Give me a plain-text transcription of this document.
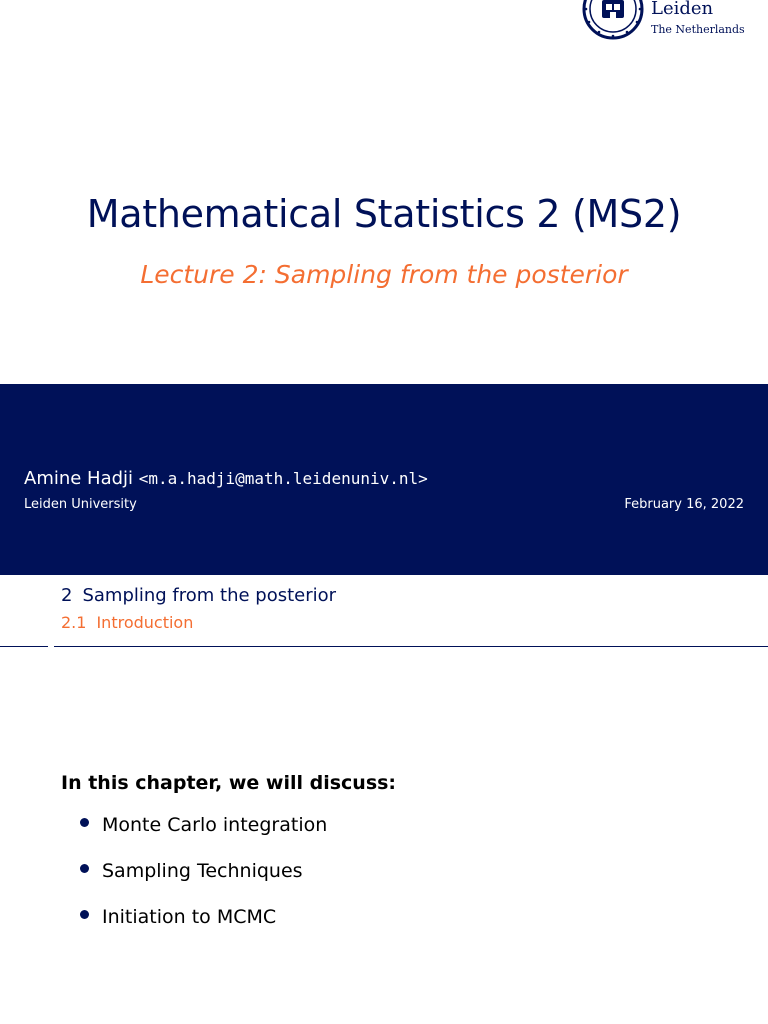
Leiden
The Netherlands
Mathematical Statistics 2 (MS2)
Lecture 2: Sampling from the posterior
Amine Hadji <m.a.hadji@math.leidenuniv.nl>
Leiden University	February 16, 2022
2 Sampling from the posterior
2.1 Introduction
In this chapter, we will discuss:
Monte Carlo integration
Sampling Techniques
Initiation to MCMC
